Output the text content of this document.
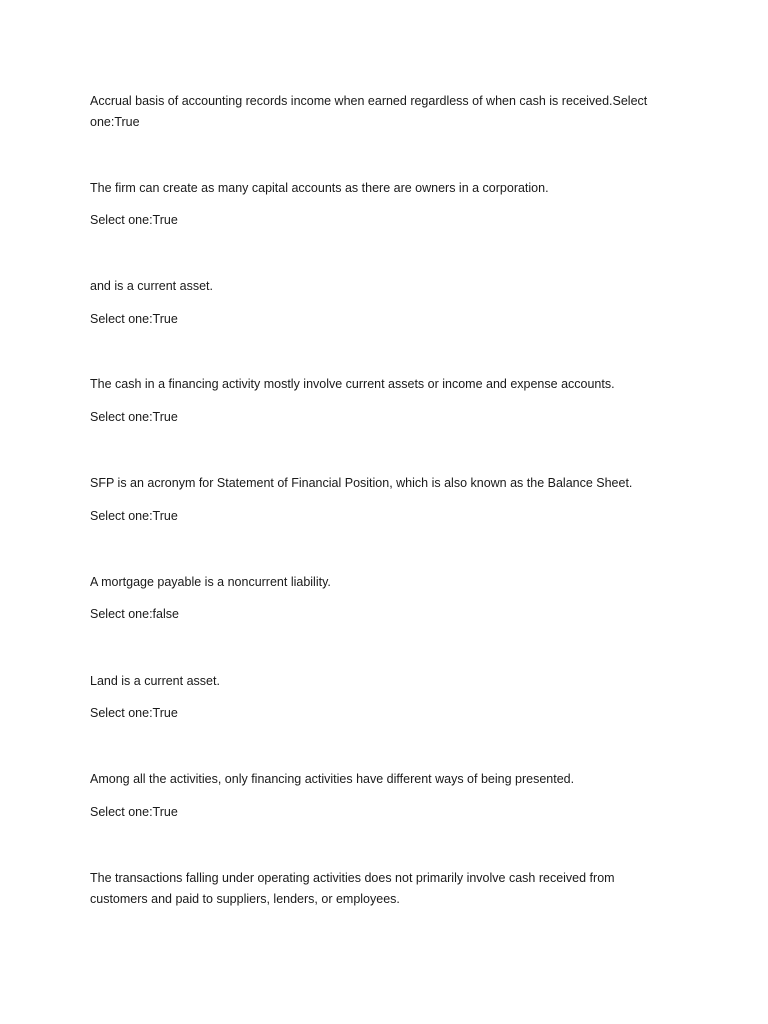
Accrual basis of accounting records income when earned regardless of when cash is received.Select one:True

The firm can create as many capital accounts as there are owners in a corporation.

Select one:True

and is a current asset.

Select one:True

The cash in a financing activity mostly involve current assets or income and expense accounts.

Select one:True

SFP is an acronym for Statement of Financial Position, which is also known as the Balance Sheet.

Select one:True

A mortgage payable is a noncurrent liability.

Select one:false

Land is a current asset.

Select one:True

Among all the activities, only financing activities have different ways of being presented.

Select one:True

The transactions falling under operating activities does not primarily involve cash received from customers and paid to suppliers, lenders, or employees.
